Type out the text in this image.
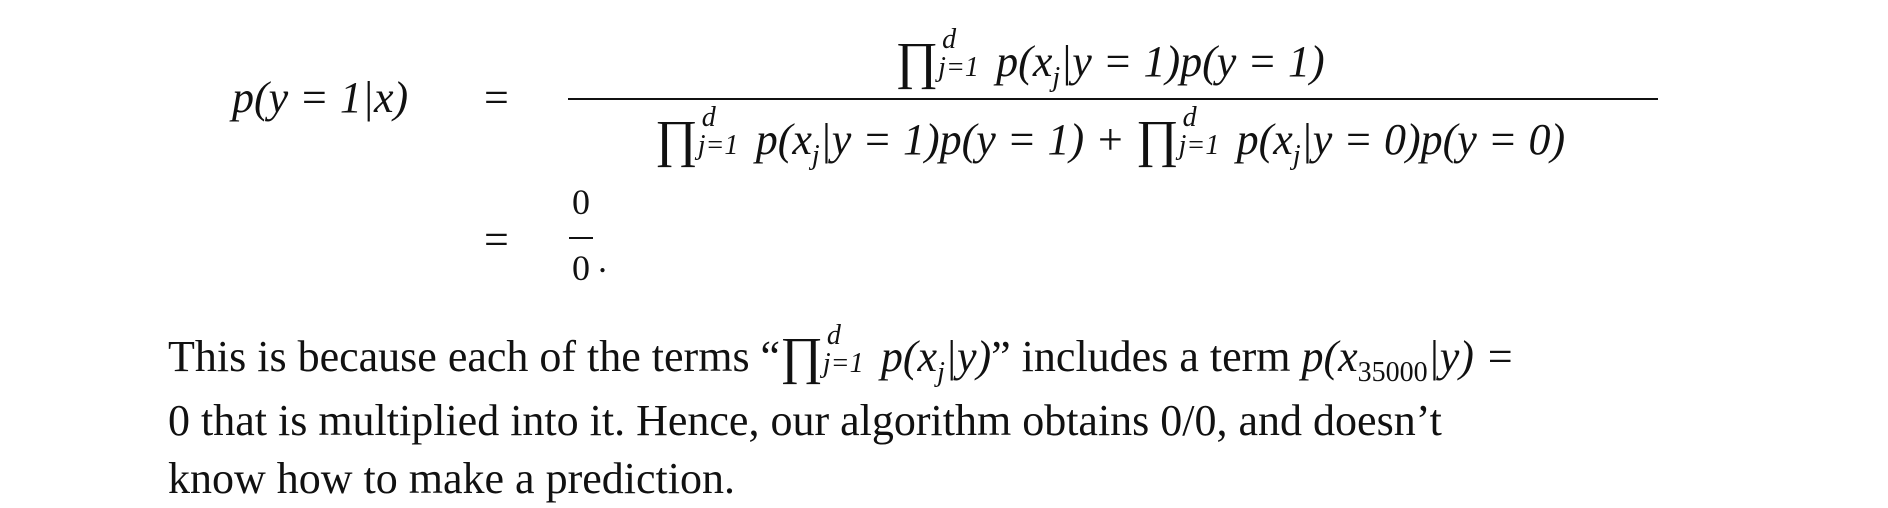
p(y = 1|x) =
=
∏ d
j=1 $p(x_j|y = 1)p(y = 1)$
∏ d
j=1 $p(x_j|y = 1)p(y = 1)$ + ∏ d
j=1 $p(x_j|y = 0)p(y = 0)$
0
0 .
This is because each of the terms “∏ d
j=1 $p(x_j|y)$” includes a term $p(x_{35000}|y)$ =
0 that is multiplied into it. Hence, our algorithm obtains 0/0, and doesn’t
know how to make a prediction.
